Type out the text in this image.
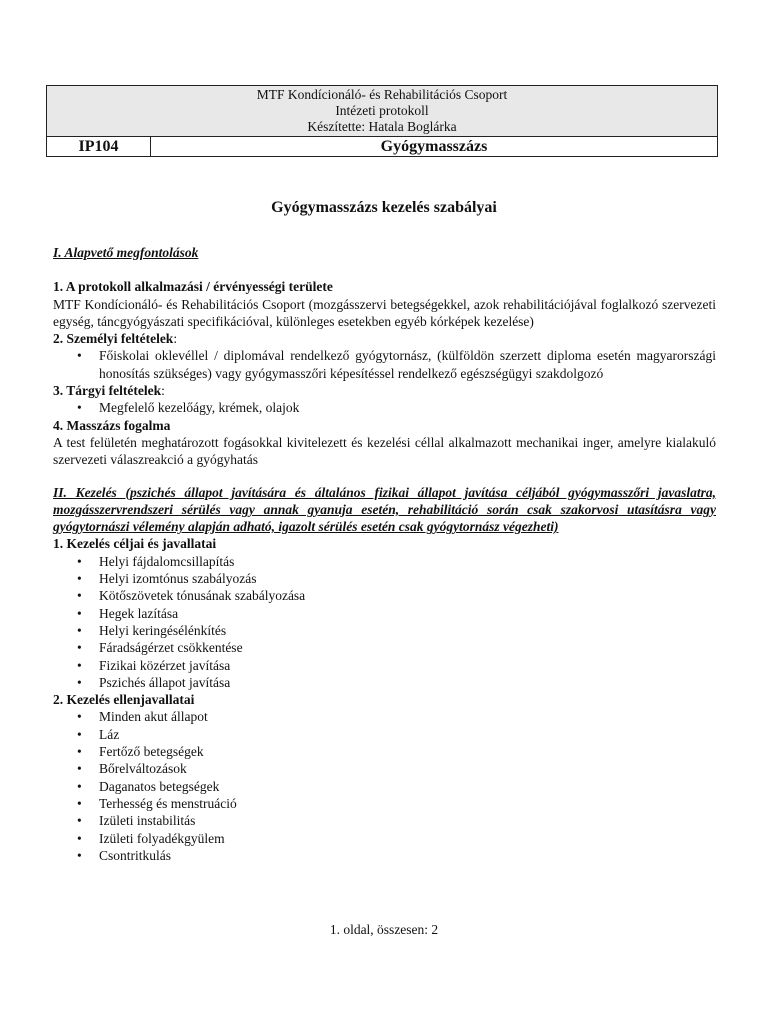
MTF Kondícionáló- és Rehabilitációs Csoport
Intézeti protokoll
Készítette: Hatala Boglárka
IP104	Gyógymasszázs
Gyógymasszázs kezelés szabályai
I. Alapvető megfontolások
1. A protokoll alkalmazási / érvényességi területe
MTF Kondícionáló- és Rehabilitációs Csoport (mozgásszervi betegségekkel, azok rehabilitációjával foglalkozó szervezeti egység, táncgyógyászati specifikációval, különleges esetekben egyéb kórképek kezelése)
2. Személyi feltételek:
• Főiskolai oklevéllel / diplomával rendelkező gyógytornász, (külföldön szerzett diploma esetén magyarországi honosítás szükséges) vagy gyógymasszőri képesítéssel rendelkező egészségügyi szakdolgozó
3. Tárgyi feltételek:
• Megfelelő kezelőágy, krémek, olajok
4. Masszázs fogalma
A test felületén meghatározott fogásokkal kivitelezett és kezelési céllal alkalmazott mechanikai inger, amelyre kialakuló szervezeti válaszreakció a gyógyhatás
II. Kezelés (pszichés állapot javítására és általános fizikai állapot javítása céljából gyógymasszőri javaslatra, mozgásszervrendszeri sérülés vagy annak gyanuja esetén, rehabilitáció során csak szakorvosi utasításra vagy gyógytornászi vélemény alapján adható, igazolt sérülés esetén csak gyógytornász végezheti)
1. Kezelés céljai és javallatai
• Helyi fájdalomcsillapítás
• Helyi izomtónus szabályozás
• Kötőszövetek tónusának szabályozása
• Hegek lazítása
• Helyi keringésélénkítés
• Fáradságérzet csökkentése
• Fizikai közérzet javítása
• Pszichés állapot javítása
2. Kezelés ellenjavallatai
• Minden akut állapot
• Láz
• Fertőző betegségek
• Bőrelváltozások
• Daganatos betegségek
• Terhesség és menstruáció
• Izületi instabilitás
• Izületi folyadékgyülem
• Csontritkulás
1. oldal, összesen: 2
